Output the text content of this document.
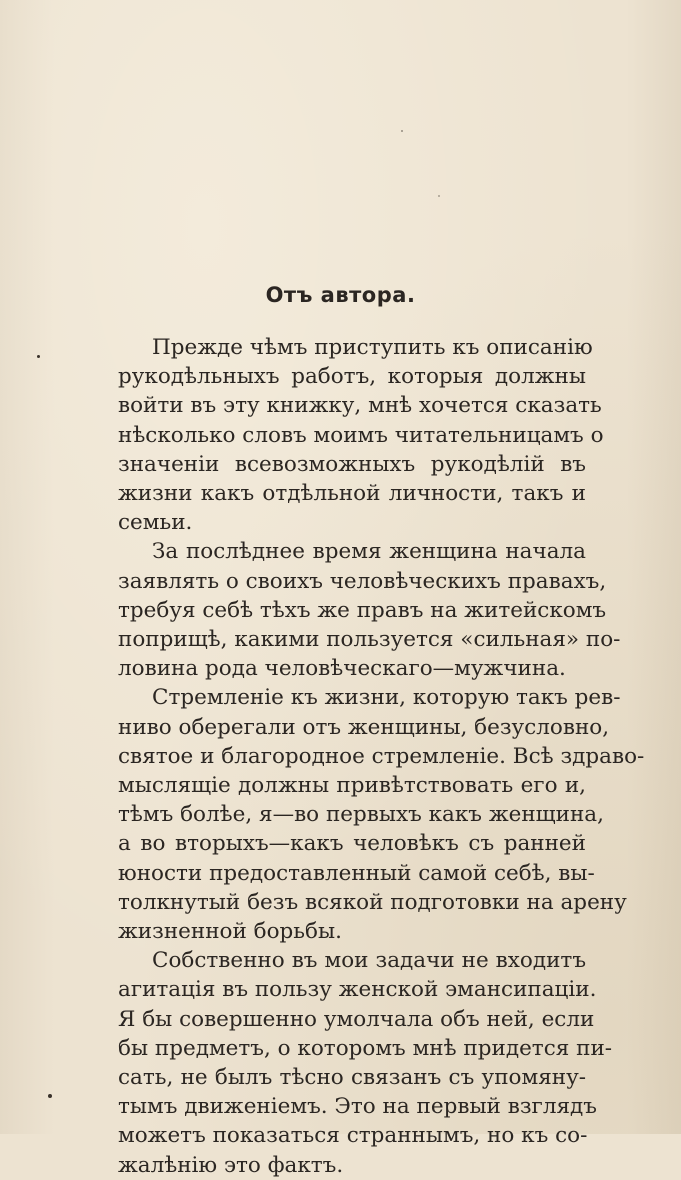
Отъ автора.
Прежде чѣмъ приступить къ описанію
рукодѣльныхъ работъ, которыя должны
войти въ эту книжку, мнѣ хочется сказать
нѣсколько словъ моимъ читательницамъ о
значеніи всевозможныхъ рукодѣлій въ
жизни какъ отдѣльной личности, такъ и
семьи.
За послѣднее время женщина начала
заявлять о своихъ человѣческихъ правахъ,
требуя себѣ тѣхъ же правъ на житейскомъ
поприщѣ, какими пользуется «сильная» по-
ловина рода человѣческаго—мужчина.
Стремленіе къ жизни, которую такъ рев-
ниво оберегали отъ женщины, безусловно,
святое и благородное стремленіе. Всѣ здраво-
мыслящіе должны привѣтствовать его и,
тѣмъ болѣе, я—во первыхъ какъ женщина,
а во вторыхъ—какъ человѣкъ съ ранней
юности предоставленный самой себѣ, вы-
толкнутый безъ всякой подготовки на арену
жизненной борьбы.
Собственно въ мои задачи не входитъ
агитація въ пользу женской эмансипаціи.
Я бы совершенно умолчала объ ней, если
бы предметъ, о которомъ мнѣ придется пи-
сать, не былъ тѣсно связанъ съ упомяну-
тымъ движеніемъ. Это на первый взглядъ
можетъ показаться страннымъ, но къ со-
жалѣнію это фактъ.
